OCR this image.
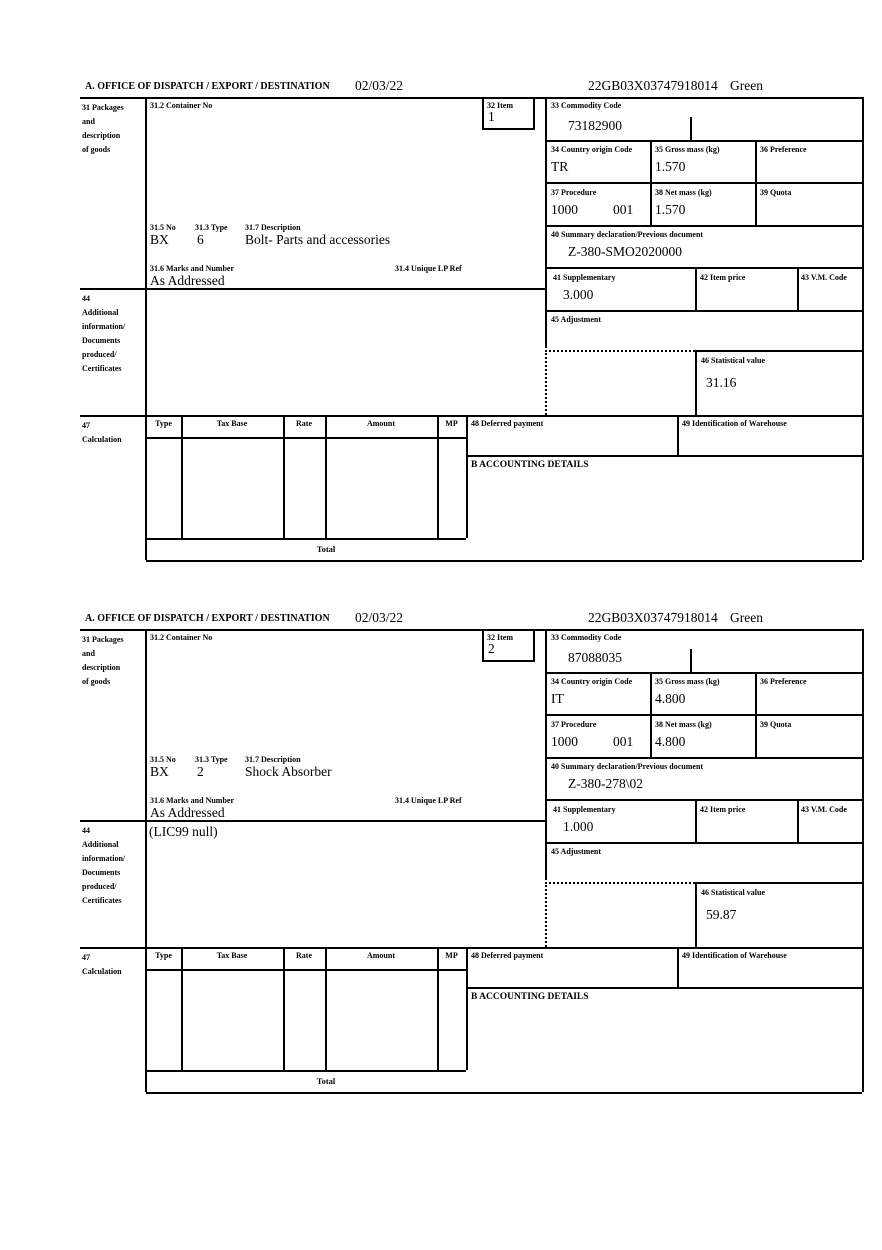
A. OFFICE OF DISPATCH / EXPORT / DESTINATION 02/03/22	22GB03X03747918014 Green
32 Item
1
31 Packages
and
description
of goods
44
Additional
information/
Documents
produced/
Certificates
47
Calculation
31.2 Container No
31.5 No 31.3 Type 31.7 Description
BX 6	Bolt- Parts and accessories
31.6 Marks and Number	31.4 Unique LP Ref
As Addressed
33 Commodity Code
73182900
34 Country origin Code
TR
35 Gross mass (kg)
1.570
36 Preference
37 Procedure
1000	001
38 Net mass (kg)
1.570
39 Quota
40 Summary declaration/Previous document
Z-380-SMO2020000
41 Supplementary
3.000
42 Item price	43 V.M. Code
45 Adjustment
46 Statistical value
31.16
Type	Tax Base	Rate	Amount	MP	48 Deferred payment	49 Identification of Warehouse
B ACCOUNTING DETAILS
Total
A. OFFICE OF DISPATCH / EXPORT / DESTINATION 02/03/22	22GB03X03747918014 Green
32 Item
2
31 Packages
and
description
of goods
44
Additional
information/
Documents
produced/
Certificates
47
Calculation
31.2 Container No
31.5 No 31.3 Type 31.7 Description
BX 2	Shock Absorber
31.6 Marks and Number	31.4 Unique LP Ref
As Addressed
(LIC99 null)
33 Commodity Code
87088035
34 Country origin Code
IT
35 Gross mass (kg)
4.800
36 Preference
37 Procedure
1000	001
38 Net mass (kg)
4.800
39 Quota
40 Summary declaration/Previous document
Z-380-278\02
41 Supplementary
1.000
42 Item price	43 V.M. Code
45 Adjustment
46 Statistical value
59.87
Type	Tax Base	Rate	Amount	MP	48 Deferred payment	49 Identification of Warehouse
B ACCOUNTING DETAILS
Total
